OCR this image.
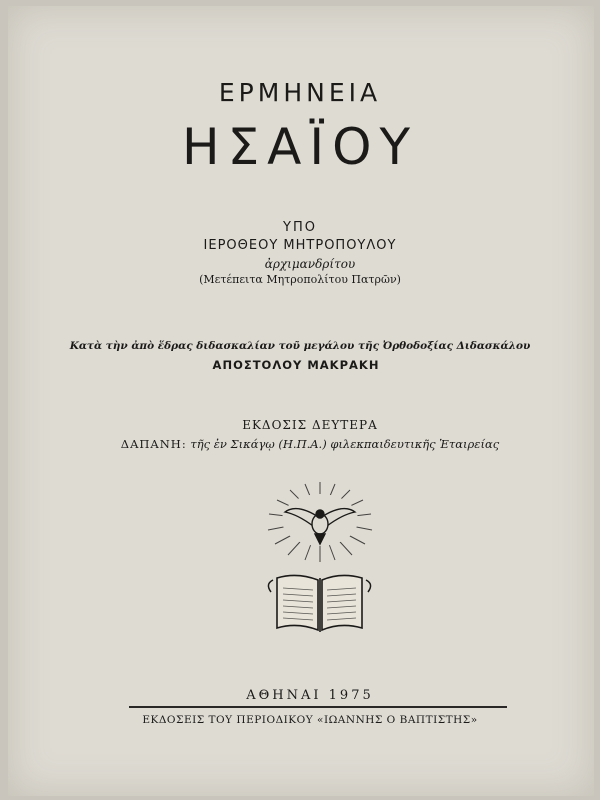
ΕΡΜΗΝΕΙΑ
ΗΣΑΪΟΥ
ΥΠΟ
ΙΕΡΟΘΕΟΥ ΜΗΤΡΟΠΟΥΛΟΥ
ἀρχιμανδρίτου
(Μετέπειτα Μητροπολίτου Πατρῶν)
Κατὰ τὴν ἀπὸ ἕδρας διδασκαλίαν τοῦ μεγάλου τῆς Ὀρθοδοξίας Διδασκάλου
ΑΠΟΣΤΟΛΟΥ ΜΑΚΡΑΚΗ
ΕΚΔΟΣΙΣ ΔΕΥΤΕΡΑ
ΔΑΠΑΝΗ: τῆς ἐν Σικάγῳ (Η.Π.Α.) φιλεκπαιδευτικῆς Ἑταιρείας
ΑΘΗΝΑΙ 1975
ΕΚΔΟΣΕΙΣ ΤΟΥ ΠΕΡΙΟΔΙΚΟΥ «ΙΩΑΝΝΗΣ Ο ΒΑΠΤΙΣΤΗΣ»
